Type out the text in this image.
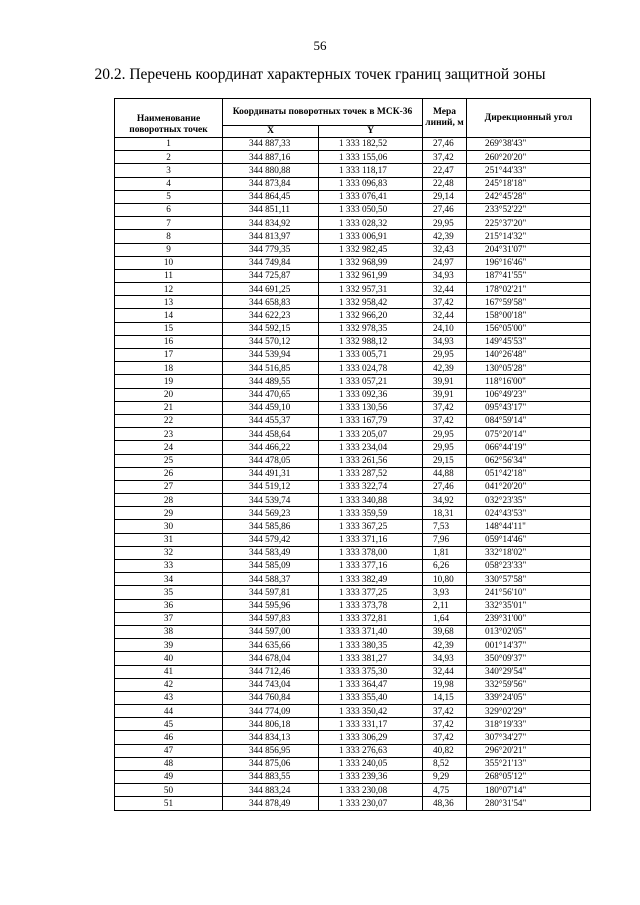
56
20.2. Перечень координат характерных точек границ защитной зоны
Наименование поворотных точек	Координаты поворотных точек в МСК-36		Мера линий, м	Дирекционный угол
	X	Y		
1	344 887,33	1 333 182,52	27,46	269°38'43"
2	344 887,16	1 333 155,06	37,42	260°20'20"
3	344 880,88	1 333 118,17	22,47	251°44'33"
4	344 873,84	1 333 096,83	22,48	245°18'18"
5	344 864,45	1 333 076,41	29,14	242°45'28"
6	344 851,11	1 333 050,50	27,46	233°52'22"
7	344 834,92	1 333 028,32	29,95	225°37'20"
8	344 813,97	1 333 006,91	42,39	215°14'32"
9	344 779,35	1 332 982,45	32,43	204°31'07"
10	344 749,84	1 332 968,99	24,97	196°16'46"
11	344 725,87	1 332 961,99	34,93	187°41'55"
12	344 691,25	1 332 957,31	32,44	178°02'21"
13	344 658,83	1 332 958,42	37,42	167°59'58"
14	344 622,23	1 332 966,20	32,44	158°00'18"
15	344 592,15	1 332 978,35	24,10	156°05'00"
16	344 570,12	1 332 988,12	34,93	149°45'53"
17	344 539,94	1 333 005,71	29,95	140°26'48"
18	344 516,85	1 333 024,78	42,39	130°05'28"
19	344 489,55	1 333 057,21	39,91	118°16'00"
20	344 470,65	1 333 092,36	39,91	106°49'23"
21	344 459,10	1 333 130,56	37,42	095°43'17"
22	344 455,37	1 333 167,79	37,42	084°59'14"
23	344 458,64	1 333 205,07	29,95	075°20'14"
24	344 466,22	1 333 234,04	29,95	066°44'19"
25	344 478,05	1 333 261,56	29,15	062°56'34"
26	344 491,31	1 333 287,52	44,88	051°42'18"
27	344 519,12	1 333 322,74	27,46	041°20'20"
28	344 539,74	1 333 340,88	34,92	032°23'35"
29	344 569,23	1 333 359,59	18,31	024°43'53"
30	344 585,86	1 333 367,25	7,53	148°44'11"
31	344 579,42	1 333 371,16	7,96	059°14'46"
32	344 583,49	1 333 378,00	1,81	332°18'02"
33	344 585,09	1 333 377,16	6,26	058°23'33"
34	344 588,37	1 333 382,49	10,80	330°57'58"
35	344 597,81	1 333 377,25	3,93	241°56'10"
36	344 595,96	1 333 373,78	2,11	332°35'01"
37	344 597,83	1 333 372,81	1,64	239°31'00"
38	344 597,00	1 333 371,40	39,68	013°02'05"
39	344 635,66	1 333 380,35	42,39	001°14'37"
40	344 678,04	1 333 381,27	34,93	350°09'37"
41	344 712,46	1 333 375,30	32,44	340°29'54"
42	344 743,04	1 333 364,47	19,98	332°59'56"
43	344 760,84	1 333 355,40	14,15	339°24'05"
44	344 774,09	1 333 350,42	37,42	329°02'29"
45	344 806,18	1 333 331,17	37,42	318°19'33"
46	344 834,13	1 333 306,29	37,42	307°34'27"
47	344 856,95	1 333 276,63	40,82	296°20'21"
48	344 875,06	1 333 240,05	8,52	355°21'13"
49	344 883,55	1 333 239,36	9,29	268°05'12"
50	344 883,24	1 333 230,08	4,75	180°07'14"
51	344 878,49	1 333 230,07	48,36	280°31'54"
